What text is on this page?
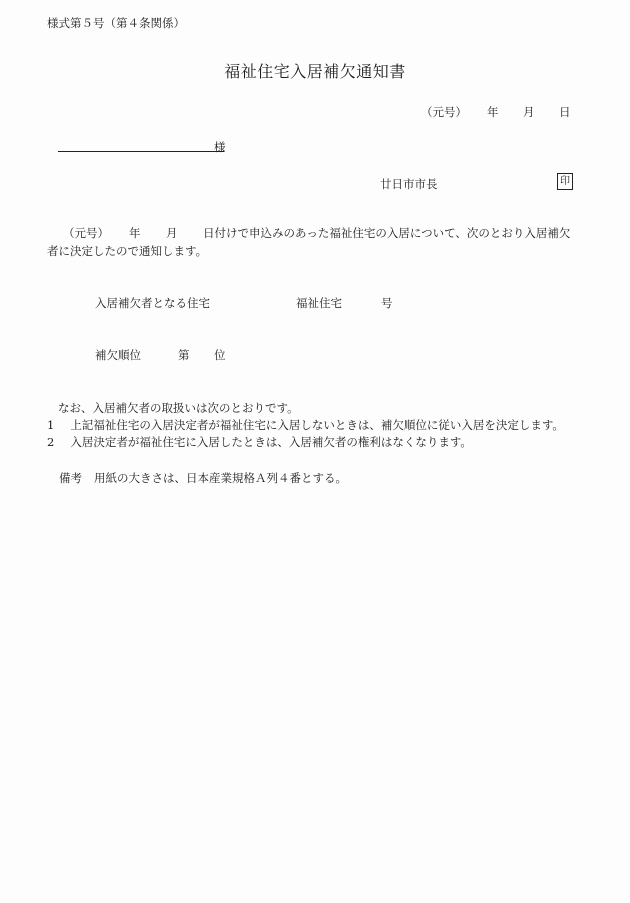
様式第５号（第４条関係）
福祉住宅入居補欠通知書
（元号） 年 月 日
様
廿日市市長	印
（元号） 年 月 日付けで申込みのあった福祉住宅の入居について、次のとおり入居補欠
者に決定したので通知します。
入居補欠者となる住宅	福祉住宅	号
補欠順位	第 位
なお、入居補欠者の取扱いは次のとおりです。
1 上記福祉住宅の入居決定者が福祉住宅に入居しないときは、補欠順位に従い入居を決定します。
2 入居決定者が福祉住宅に入居したときは、入居補欠者の権利はなくなります。
備考 用紙の大きさは、日本産業規格Ａ列４番とする。
